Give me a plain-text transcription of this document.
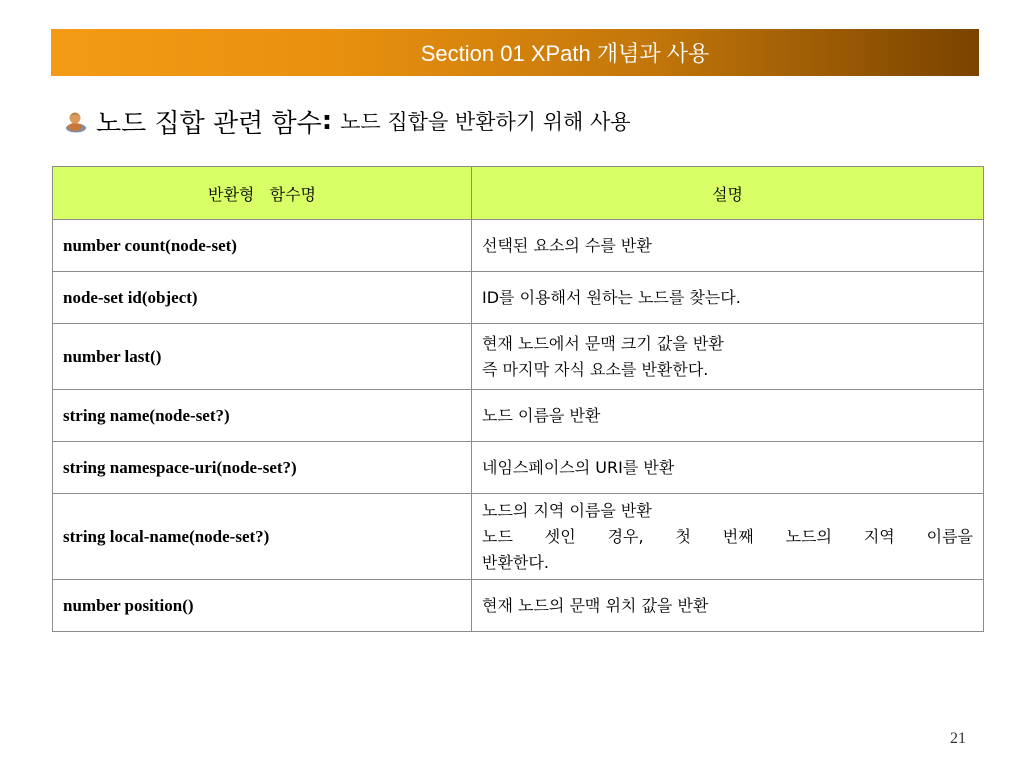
Section 01 XPath 개념과 사용
노드 집합 관련 함수 : 노드 집합을 반환하기 위해 사용
반환형   함수명	설명
number count(node-set)	선택된 요소의 수를 반환

node-set id(object)	ID를 이용해서 원하는 노드를 찾는다.

number last()	현재 노드에서 문맥 크기 값을 반환
즉 마지막 자식 요소를 반환한다.

string name(node-set?)	노드 이름을 반환

string namespace-uri(node-set?)	네임스페이스의 URI를 반환

string local-name(node-set?)	노드의 지역 이름을 반환
노드 셋인 경우, 첫 번째 노드의 지역 이름을
반환한다.

number position()	현재 노드의 문맥 위치 값을 반환
21
